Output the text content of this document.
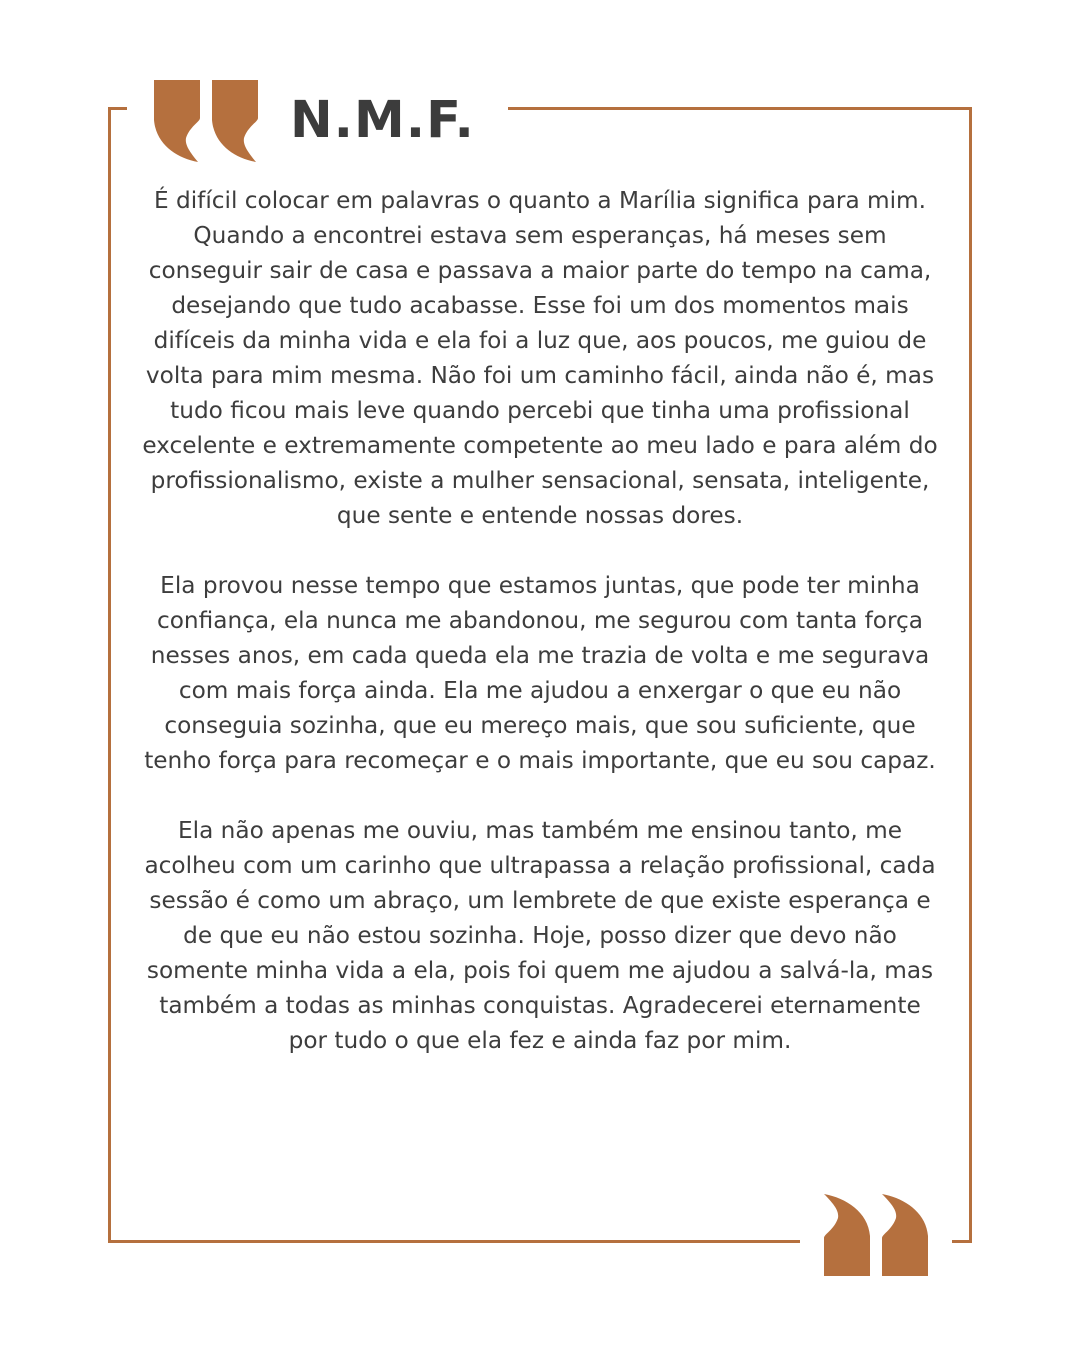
N.M.F.

É difícil colocar em palavras o quanto a Marília significa para mim. Quando a encontrei estava sem esperanças, há meses sem conseguir sair de casa e passava a maior parte do tempo na cama, desejando que tudo acabasse. Esse foi um dos momentos mais difíceis da minha vida e ela foi a luz que, aos poucos, me guiou de volta para mim mesma. Não foi um caminho fácil, ainda não é, mas tudo ficou mais leve quando percebi que tinha uma profissional excelente e extremamente competente ao meu lado e para além do profissionalismo, existe a mulher sensacional, sensata, inteligente, que sente e entende nossas dores.

Ela provou nesse tempo que estamos juntas, que pode ter minha confiança, ela nunca me abandonou, me segurou com tanta força nesses anos, em cada queda ela me trazia de volta e me segurava com mais força ainda. Ela me ajudou a enxergar o que eu não conseguia sozinha, que eu mereço mais, que sou suficiente, que tenho força para recomeçar e o mais importante, que eu sou capaz.

Ela não apenas me ouviu, mas também me ensinou tanto, me acolheu com um carinho que ultrapassa a relação profissional, cada sessão é como um abraço, um lembrete de que existe esperança e de que eu não estou sozinha. Hoje, posso dizer que devo não somente minha vida a ela, pois foi quem me ajudou a salvá-la, mas também a todas as minhas conquistas. Agradecerei eternamente por tudo o que ela fez e ainda faz por mim.
